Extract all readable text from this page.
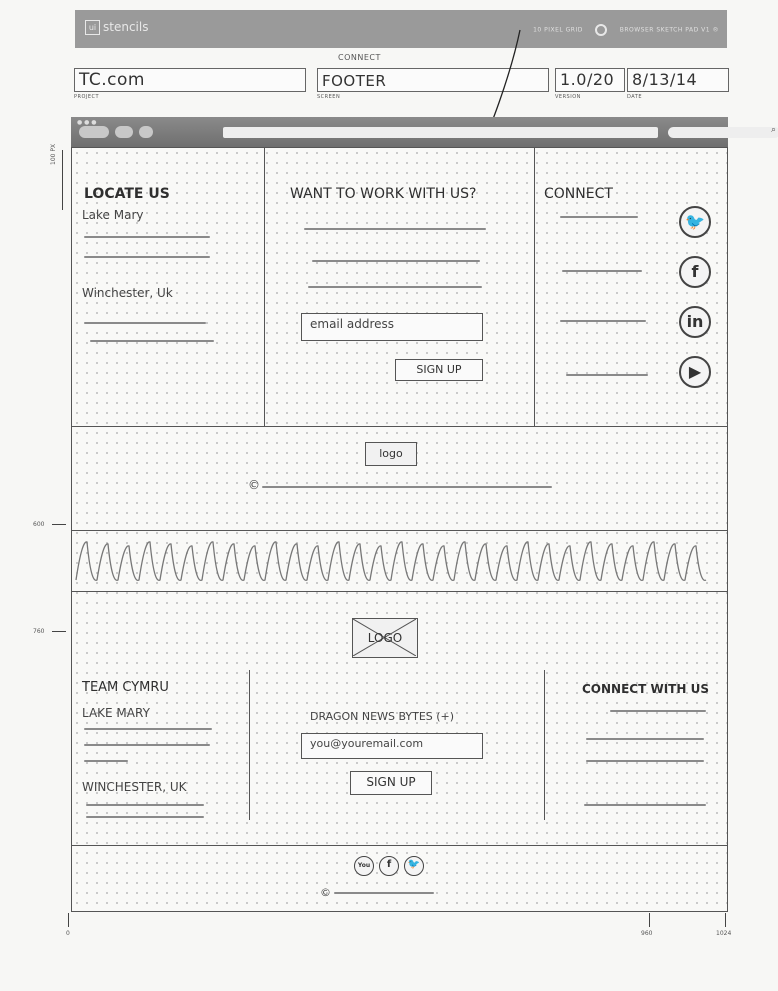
ui stencils	10 PIXEL GRID	BROWSER SKETCH PAD V1 ®
TC.com
PROJECT
CONNECT
FOOTER
SCREEN
1.0/20
VERSION
8/13/14
DATE
● ● ●
⌕
100 PX
600
760
LOCATE US
Lake Mary
Winchester, Uk
WANT TO WORK WITH US?
email address
SIGN UP
CONNECT
🐦
f
in
▶
logo
©
LOGO
TEAM CYMRU
LAKE MARY
WINCHESTER, UK
DRAGON NEWS BYTES (+)
you@youremail.com
SIGN UP
CONNECT WITH US
You	f	🐦
©
0	960	1024
